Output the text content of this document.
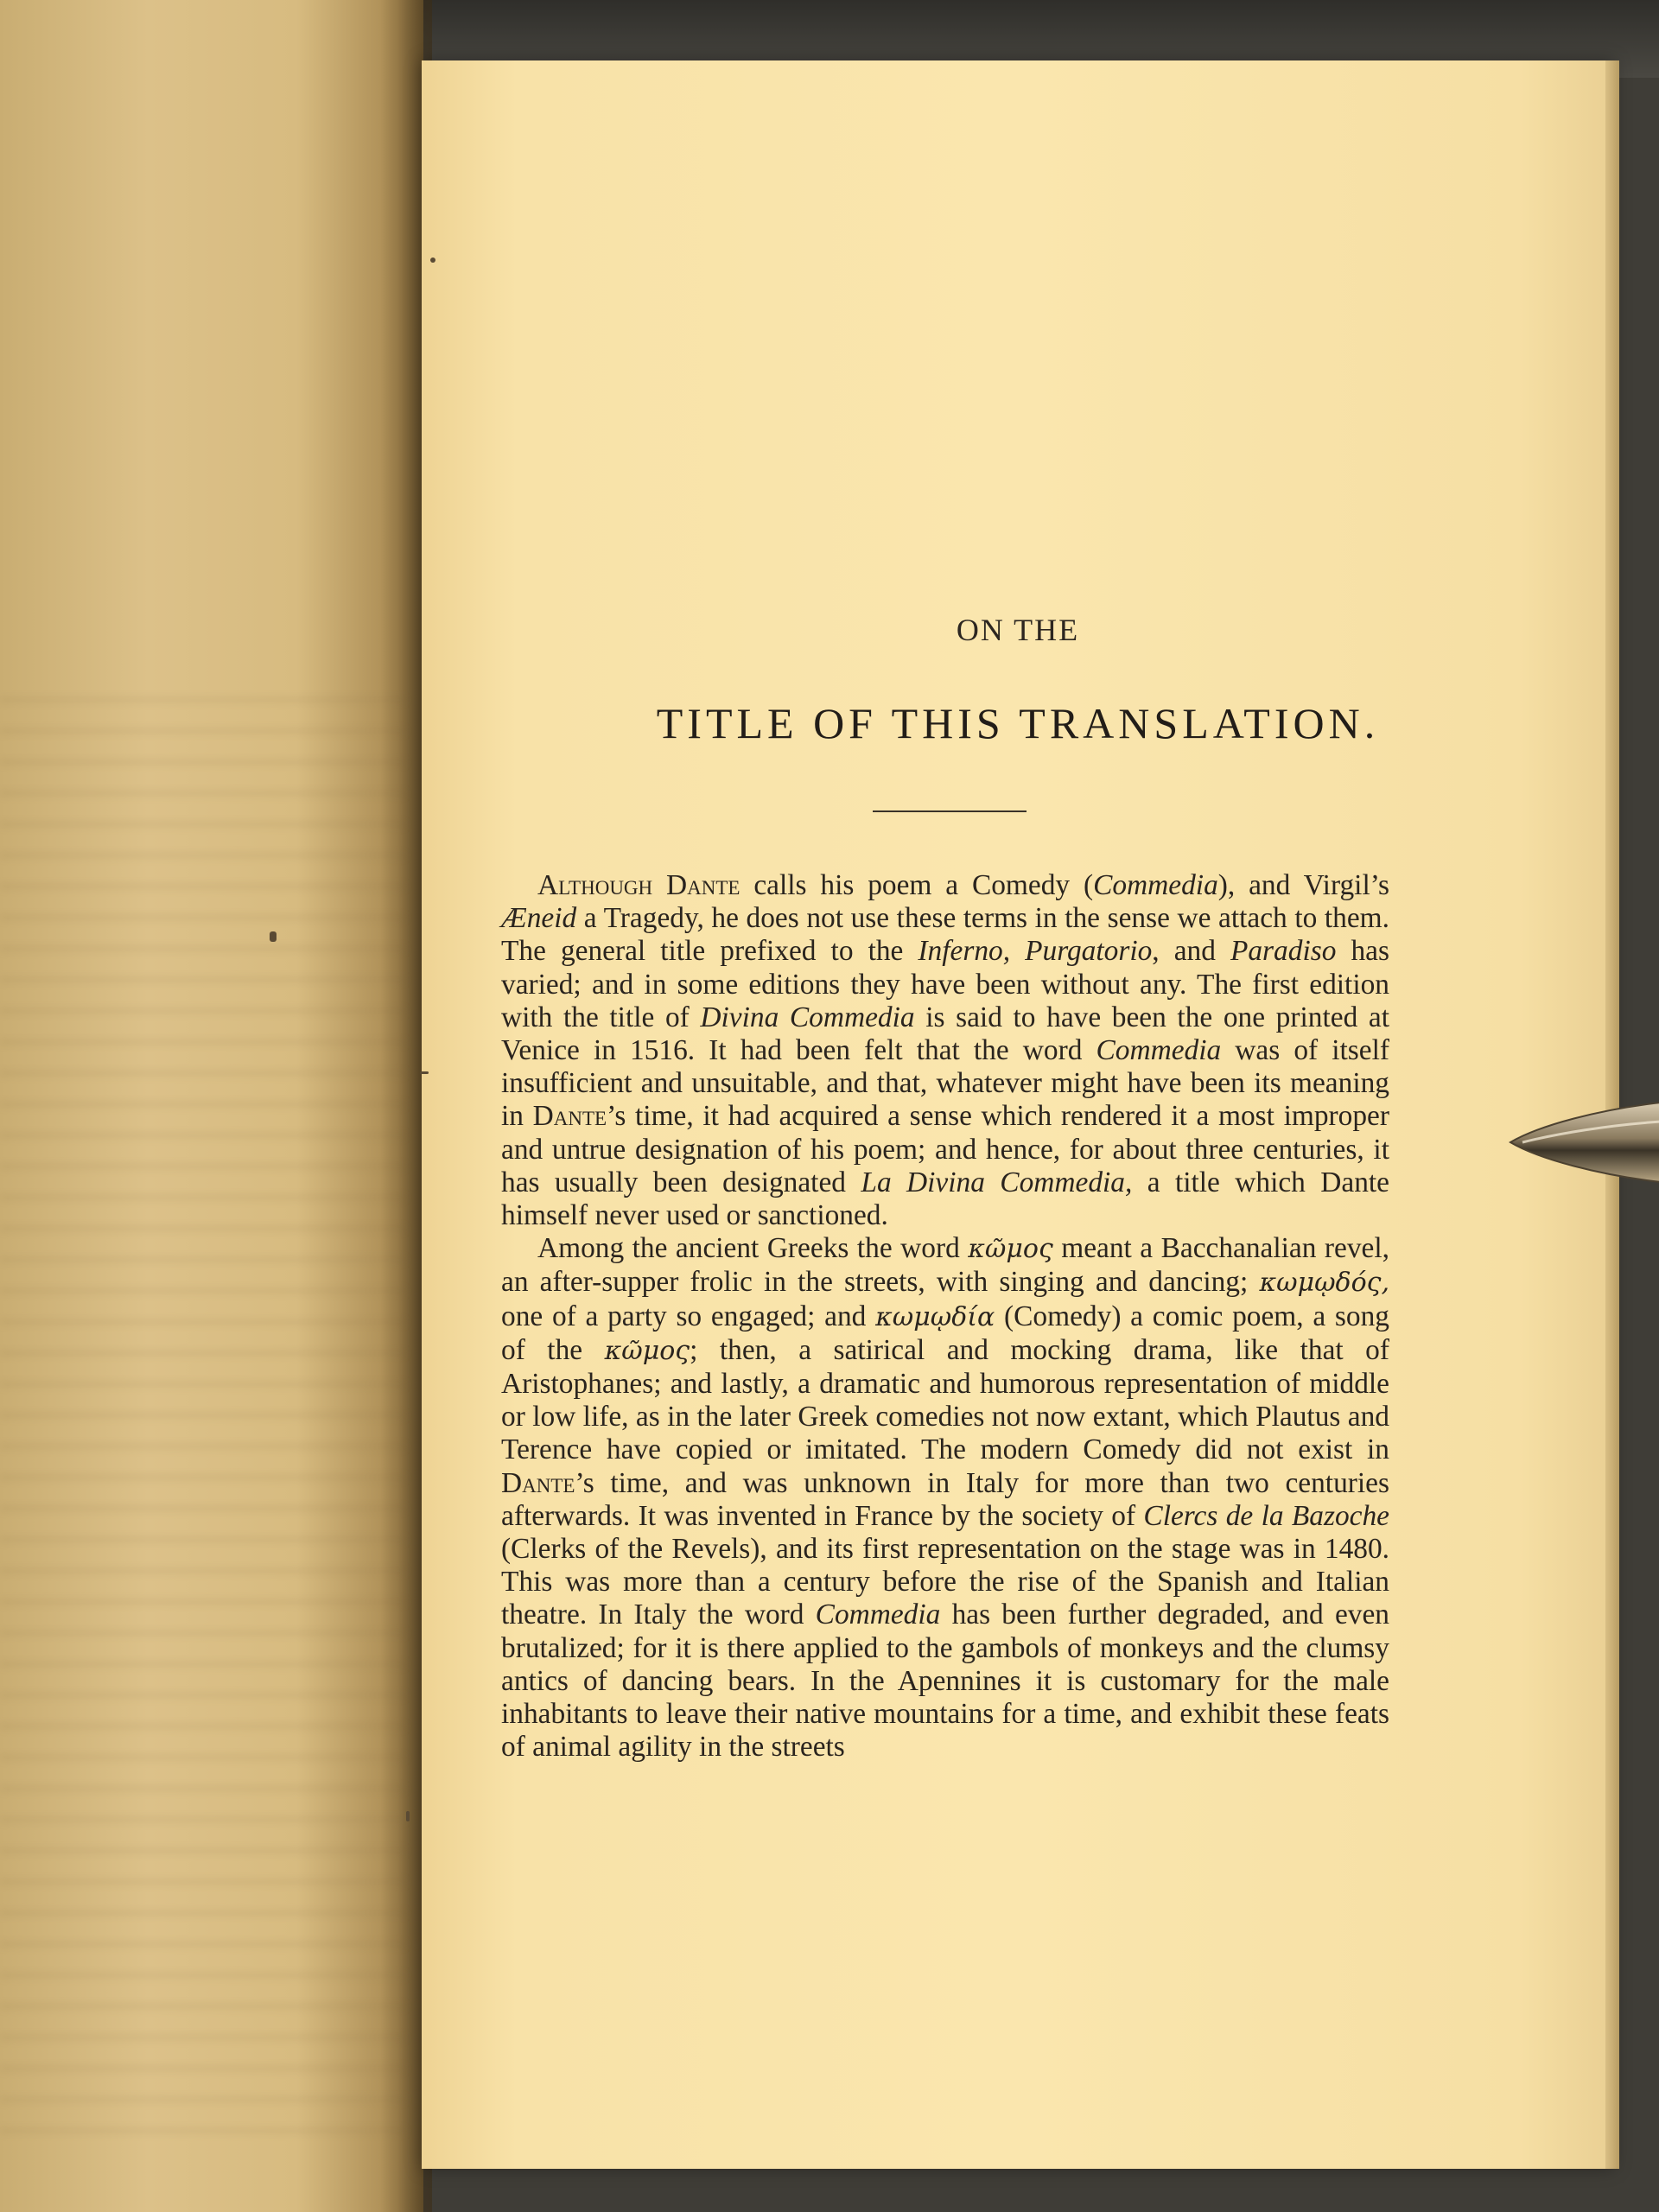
ON THE
TITLE OF THIS TRANSLATION.

Although Dante calls his poem a Comedy (Commedia), and Virgil’s Æneid a Tragedy, he does not use these terms in the sense we attach to them. The general title prefixed to the Inferno, Purgatorio, and Paradiso has varied; and in some editions they have been without any. The first edition with the title of Divina Commedia is said to have been the one printed at Venice in 1516. It had been felt that the word Commedia was of itself insufficient and unsuitable, and that, whatever might have been its meaning in Dante’s time, it had acquired a sense which rendered it a most improper and untrue designation of his poem; and hence, for about three centuries, it has usually been designated La Divina Commedia, a title which Dante himself never used or sanctioned.

Among the ancient Greeks the word κῶμος meant a Bacchanalian revel, an after-supper frolic in the streets, with singing and dancing; κωμῳδός, one of a party so engaged; and κωμῳδία (Comedy) a comic poem, a song of the κῶμος; then, a satirical and mocking drama, like that of Aristophanes; and lastly, a dramatic and humorous representation of middle or low life, as in the later Greek comedies not now extant, which Plautus and Terence have copied or imitated. The modern Comedy did not exist in Dante’s time, and was unknown in Italy for more than two centuries afterwards. It was invented in France by the society of Clercs de la Bazoche (Clerks of the Revels), and its first representation on the stage was in 1480. This was more than a century before the rise of the Spanish and Italian theatre. In Italy the word Commedia has been further degraded, and even brutalized; for it is there applied to the gambols of monkeys and the clumsy antics of dancing bears. In the Apennines it is customary for the male inhabitants to leave their native mountains for a time, and exhibit these feats of animal agility in the streets
